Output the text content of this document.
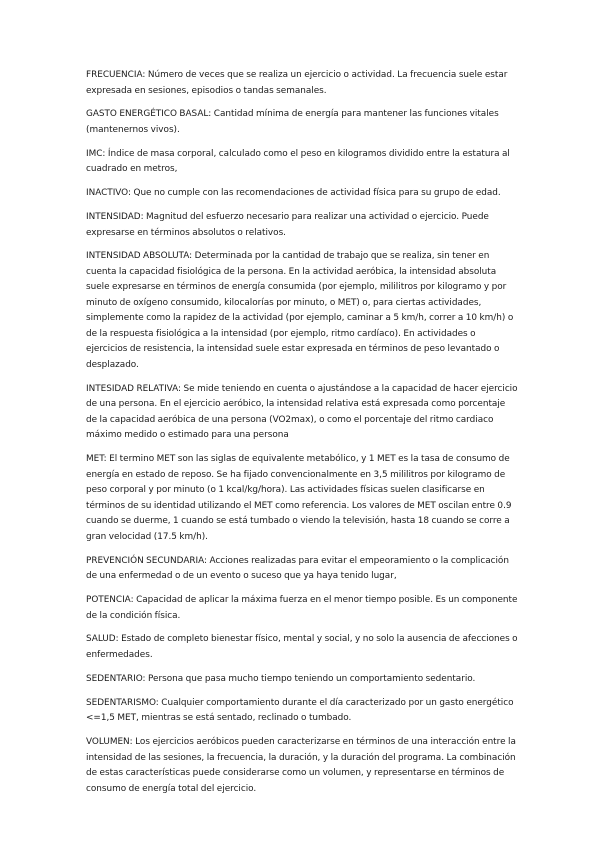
FRECUENCIA: Número de veces que se realiza un ejercicio o actividad. La frecuencia suele estar expresada en sesiones, episodios o tandas semanales.

GASTO ENERGÉTICO BASAL: Cantidad mínima de energía para mantener las funciones vitales (mantenernos vivos).

IMC: Índice de masa corporal, calculado como el peso en kilogramos dividido entre la estatura al cuadrado en metros,

INACTIVO: Que no cumple con las recomendaciones de actividad física para su grupo de edad.

INTENSIDAD: Magnitud del esfuerzo necesario para realizar una actividad o ejercicio. Puede expresarse en términos absolutos o relativos.

INTENSIDAD ABSOLUTA: Determinada por la cantidad de trabajo que se realiza, sin tener en cuenta la capacidad fisiológica de la persona. En la actividad aeróbica, la intensidad absoluta suele expresarse en términos de energía consumida (por ejemplo, mililitros por kilogramo y por minuto de oxígeno consumido, kilocalorías por minuto, o MET) o, para ciertas actividades, simplemente como la rapidez de la actividad (por ejemplo, caminar a 5 km/h, correr a 10 km/h) o de la respuesta fisiológica a la intensidad (por ejemplo, ritmo cardíaco). En actividades o ejercicios de resistencia, la intensidad suele estar expresada en términos de peso levantado o desplazado.

INTESIDAD RELATIVA: Se mide teniendo en cuenta o ajustándose a la capacidad de hacer ejercicio de una persona. En el ejercicio aeróbico, la intensidad relativa está expresada como porcentaje de la capacidad aeróbica de una persona (VO2max), o como el porcentaje del ritmo cardiaco máximo medido o estimado para una persona

MET: El termino MET son las siglas de equivalente metabólico, y 1 MET es la tasa de consumo de energía en estado de reposo. Se ha fijado convencionalmente en 3,5 mililitros por kilogramo de peso corporal y por minuto (o 1 kcal/kg/hora). Las actividades físicas suelen clasificarse en términos de su identidad utilizando el MET como referencia. Los valores de MET oscilan entre 0.9 cuando se duerme, 1 cuando se está tumbado o viendo la televisión, hasta 18 cuando se corre a gran velocidad (17.5 km/h).

PREVENCIÓN SECUNDARIA: Acciones realizadas para evitar el empeoramiento o la complicación de una enfermedad o de un evento o suceso que ya haya tenido lugar,

POTENCIA: Capacidad de aplicar la máxima fuerza en el menor tiempo posible. Es un componente de la condición física.

SALUD: Estado de completo bienestar físico, mental y social, y no solo la ausencia de afecciones o enfermedades.

SEDENTARIO: Persona que pasa mucho tiempo teniendo un comportamiento sedentario.

SEDENTARISMO: Cualquier comportamiento durante el día caracterizado por un gasto energético <=1,5 MET, mientras se está sentado, reclinado o tumbado.

VOLUMEN: Los ejercicios aeróbicos pueden caracterizarse en términos de una interacción entre la intensidad de las sesiones, la frecuencia, la duración, y la duración del programa. La combinación de estas características puede considerarse como un volumen, y representarse en términos de consumo de energía total del ejercicio.
